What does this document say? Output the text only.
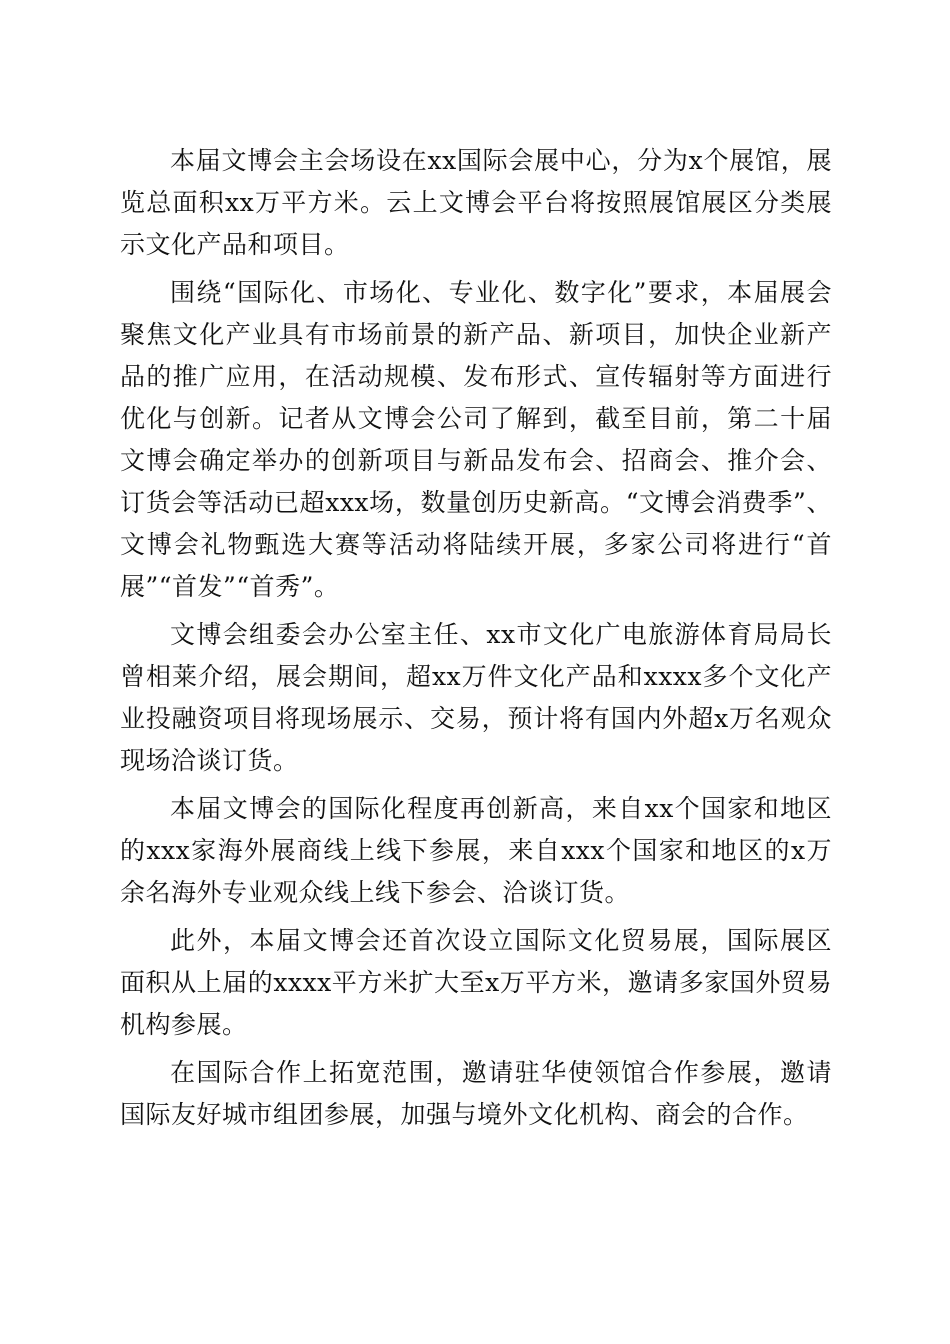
本届文博会主会场设在xx国际会展中心，分为x个展馆，展览总面积xx万平方米。云上文博会平台将按照展馆展区分类展示文化产品和项目。

围绕“国际化、市场化、专业化、数字化”要求，本届展会聚焦文化产业具有市场前景的新产品、新项目，加快企业新产品的推广应用，在活动规模、发布形式、宣传辐射等方面进行优化与创新。记者从文博会公司了解到，截至目前，第二十届文博会确定举办的创新项目与新品发布会、招商会、推介会、订货会等活动已超xxx场，数量创历史新高。“文博会消费季”、文博会礼物甄选大赛等活动将陆续开展，多家公司将进行“首展”“首发”“首秀”。

文博会组委会办公室主任、xx市文化广电旅游体育局局长曾相莱介绍，展会期间，超xx万件文化产品和xxxx多个文化产业投融资项目将现场展示、交易，预计将有国内外超x万名观众现场洽谈订货。

本届文博会的国际化程度再创新高，来自xx个国家和地区的xxx家海外展商线上线下参展，来自xxx个国家和地区的x万余名海外专业观众线上线下参会、洽谈订货。

此外，本届文博会还首次设立国际文化贸易展，国际展区面积从上届的xxxx平方米扩大至x万平方米，邀请多家国外贸易机构参展。

在国际合作上拓宽范围，邀请驻华使领馆合作参展，邀请国际友好城市组团参展，加强与境外文化机构、商会的合作。
